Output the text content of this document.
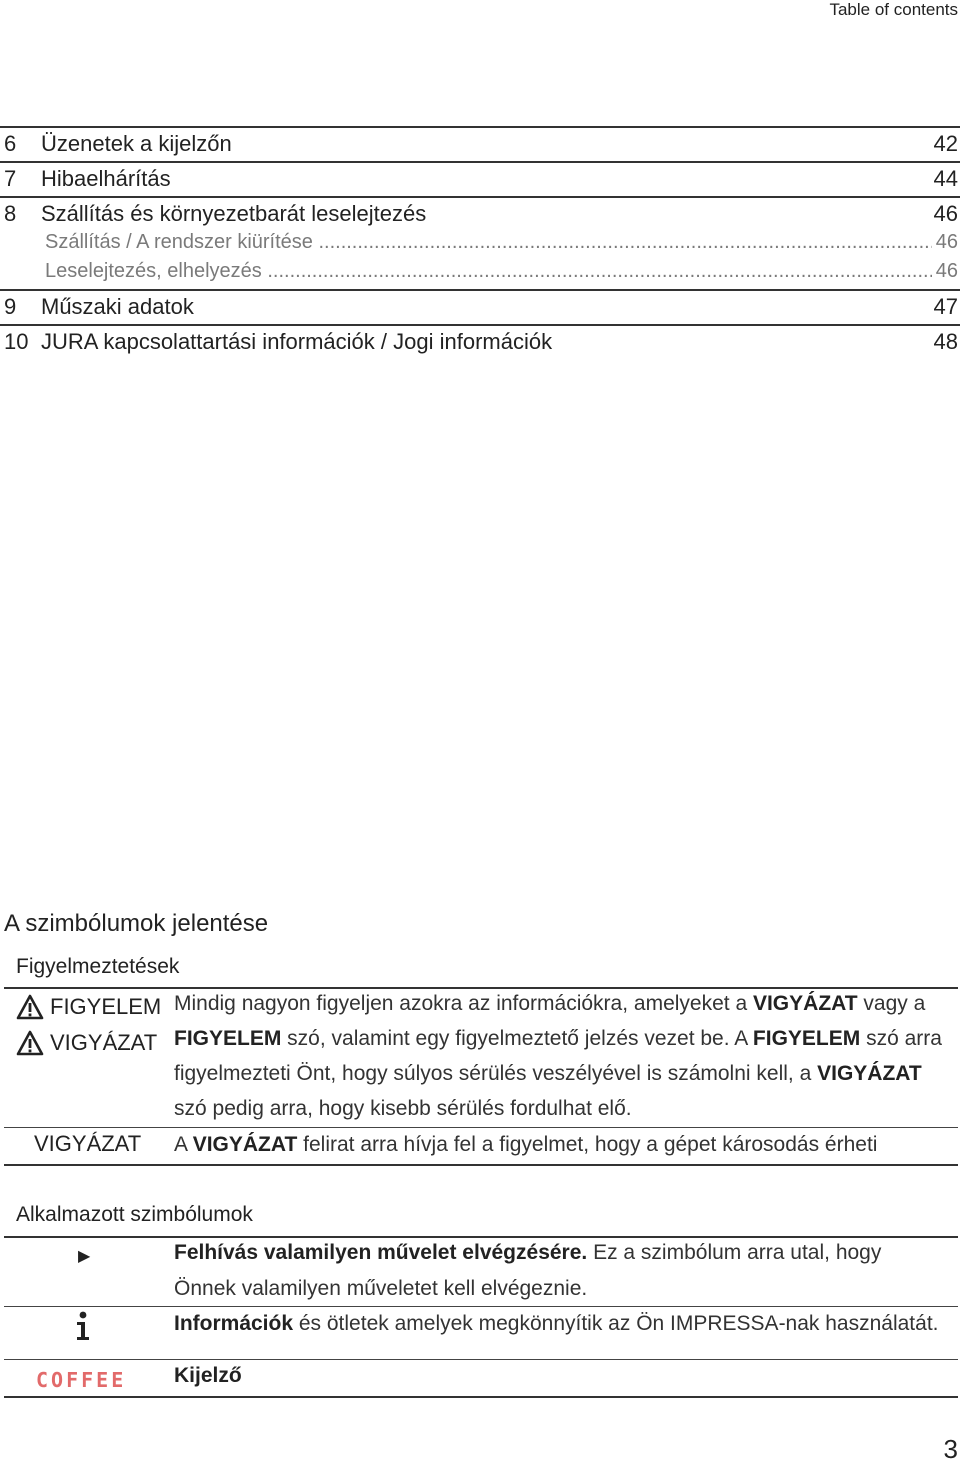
Table of contents
6 Üzenetek a kijelzőn	42
7 Hibaelhárítás	44
8 Szállítás és környezetbarát leselejtezés	46
Szállítás / A rendszer kiürítése .....	46
Leselejtezés, elhelyezés .....	46
9 Műszaki adatok	47
10 JURA kapcsolattartási információk / Jogi információk	48
A szimbólumok jelentése
Figyelmeztetések
FIGYELEM
VIGYÁZAT
Mindig nagyon figyeljen azokra az információkra, amelyeket a VIGYÁZAT vagy a
FIGYELEM szó, valamint egy figyelmeztető jelzés vezet be. A FIGYELEM szó arra
figyelmezteti Önt, hogy súlyos sérülés veszélyével is számolni kell, a VIGYÁZAT
szó pedig arra, hogy kisebb sérülés fordulhat elő.
VIGYÁZAT A VIGYÁZAT felirat arra hívja fel a figyelmet, hogy a gépet károsodás érheti
Alkalmazott szimbólumok
▶	Felhívás valamilyen művelet elvégzésére. Ez a szimbólum arra utal, hogy
Önnek valamilyen műveletet kell elvégeznie.
Információk és ötletek amelyek megkönnyítik az Ön IMPRESSA-nak használatát.
COFFEE Kijelző
3
